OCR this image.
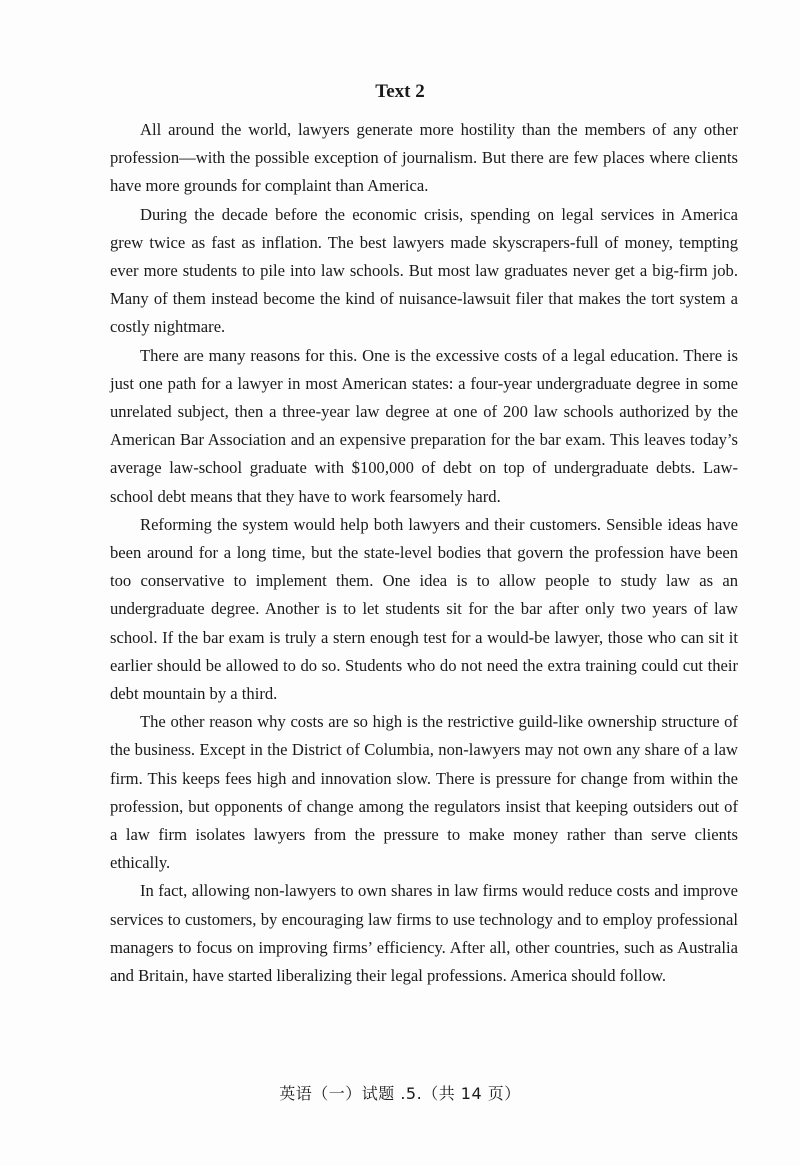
Text 2

All around the world, lawyers generate more hostility than the members of any other profession—with the possible exception of journalism. But there are few places where clients have more grounds for complaint than America.

During the decade before the economic crisis, spending on legal services in America grew twice as fast as inflation. The best lawyers made skyscrapers-full of money, tempting ever more students to pile into law schools. But most law graduates never get a big-firm job. Many of them instead become the kind of nuisance-lawsuit filer that makes the tort system a costly nightmare.

There are many reasons for this. One is the excessive costs of a legal education. There is just one path for a lawyer in most American states: a four-year undergraduate degree in some unrelated subject, then a three-year law degree at one of 200 law schools authorized by the American Bar Association and an expensive preparation for the bar exam. This leaves today’s average law-school graduate with $100,000 of debt on top of undergraduate debts. Law-school debt means that they have to work fearsomely hard.

Reforming the system would help both lawyers and their customers. Sensible ideas have been around for a long time, but the state-level bodies that govern the profession have been too conservative to implement them. One idea is to allow people to study law as an undergraduate degree. Another is to let students sit for the bar after only two years of law school. If the bar exam is truly a stern enough test for a would-be lawyer, those who can sit it earlier should be allowed to do so. Students who do not need the extra training could cut their debt mountain by a third.

The other reason why costs are so high is the restrictive guild-like ownership structure of the business. Except in the District of Columbia, non-lawyers may not own any share of a law firm. This keeps fees high and innovation slow. There is pressure for change from within the profession, but opponents of change among the regulators insist that keeping outsiders out of a law firm isolates lawyers from the pressure to make money rather than serve clients ethically.

In fact, allowing non-lawyers to own shares in law firms would reduce costs and improve services to customers, by encouraging law firms to use technology and to employ professional managers to focus on improving firms’ efficiency. After all, other countries, such as Australia and Britain, have started liberalizing their legal professions. America should follow.

英语（一）试题 .5.（共 14 页）
